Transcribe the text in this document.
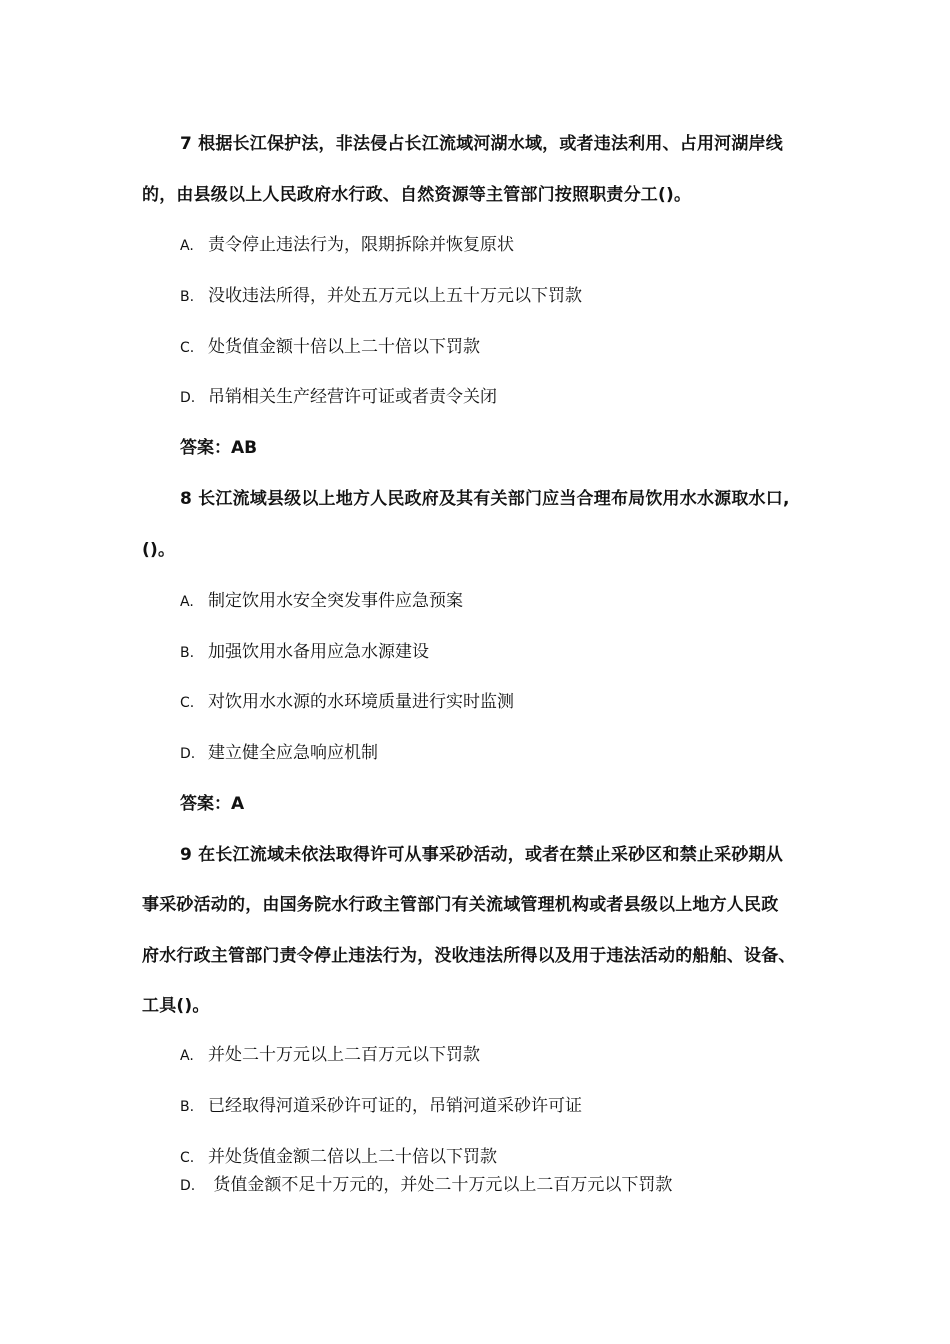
7 根据长江保护法，非法侵占长江流域河湖水域，或者违法利用、占用河湖岸线
的，由县级以上人民政府水行政、自然资源等主管部门按照职责分工()。
A. 责令停止违法行为，限期拆除并恢复原状
B. 没收违法所得，并处五万元以上五十万元以下罚款
C. 处货值金额十倍以上二十倍以下罚款
D. 吊销相关生产经营许可证或者责令关闭
答案：AB
8 长江流域县级以上地方人民政府及其有关部门应当合理布局饮用水水源取水口,
()。
A. 制定饮用水安全突发事件应急预案
B. 加强饮用水备用应急水源建设
C. 对饮用水水源的水环境质量进行实时监测
D. 建立健全应急响应机制
答案：A
9 在长江流域未依法取得许可从事采砂活动，或者在禁止采砂区和禁止采砂期从
事采砂活动的，由国务院水行政主管部门有关流域管理机构或者县级以上地方人民政
府水行政主管部门责令停止违法行为，没收违法所得以及用于违法活动的船舶、设备、
工具()。
A. 并处二十万元以上二百万元以下罚款
B. 已经取得河道采砂许可证的，吊销河道采砂许可证
C. 并处货值金额二倍以上二十倍以下罚款
D. 货值金额不足十万元的，并处二十万元以上二百万元以下罚款
